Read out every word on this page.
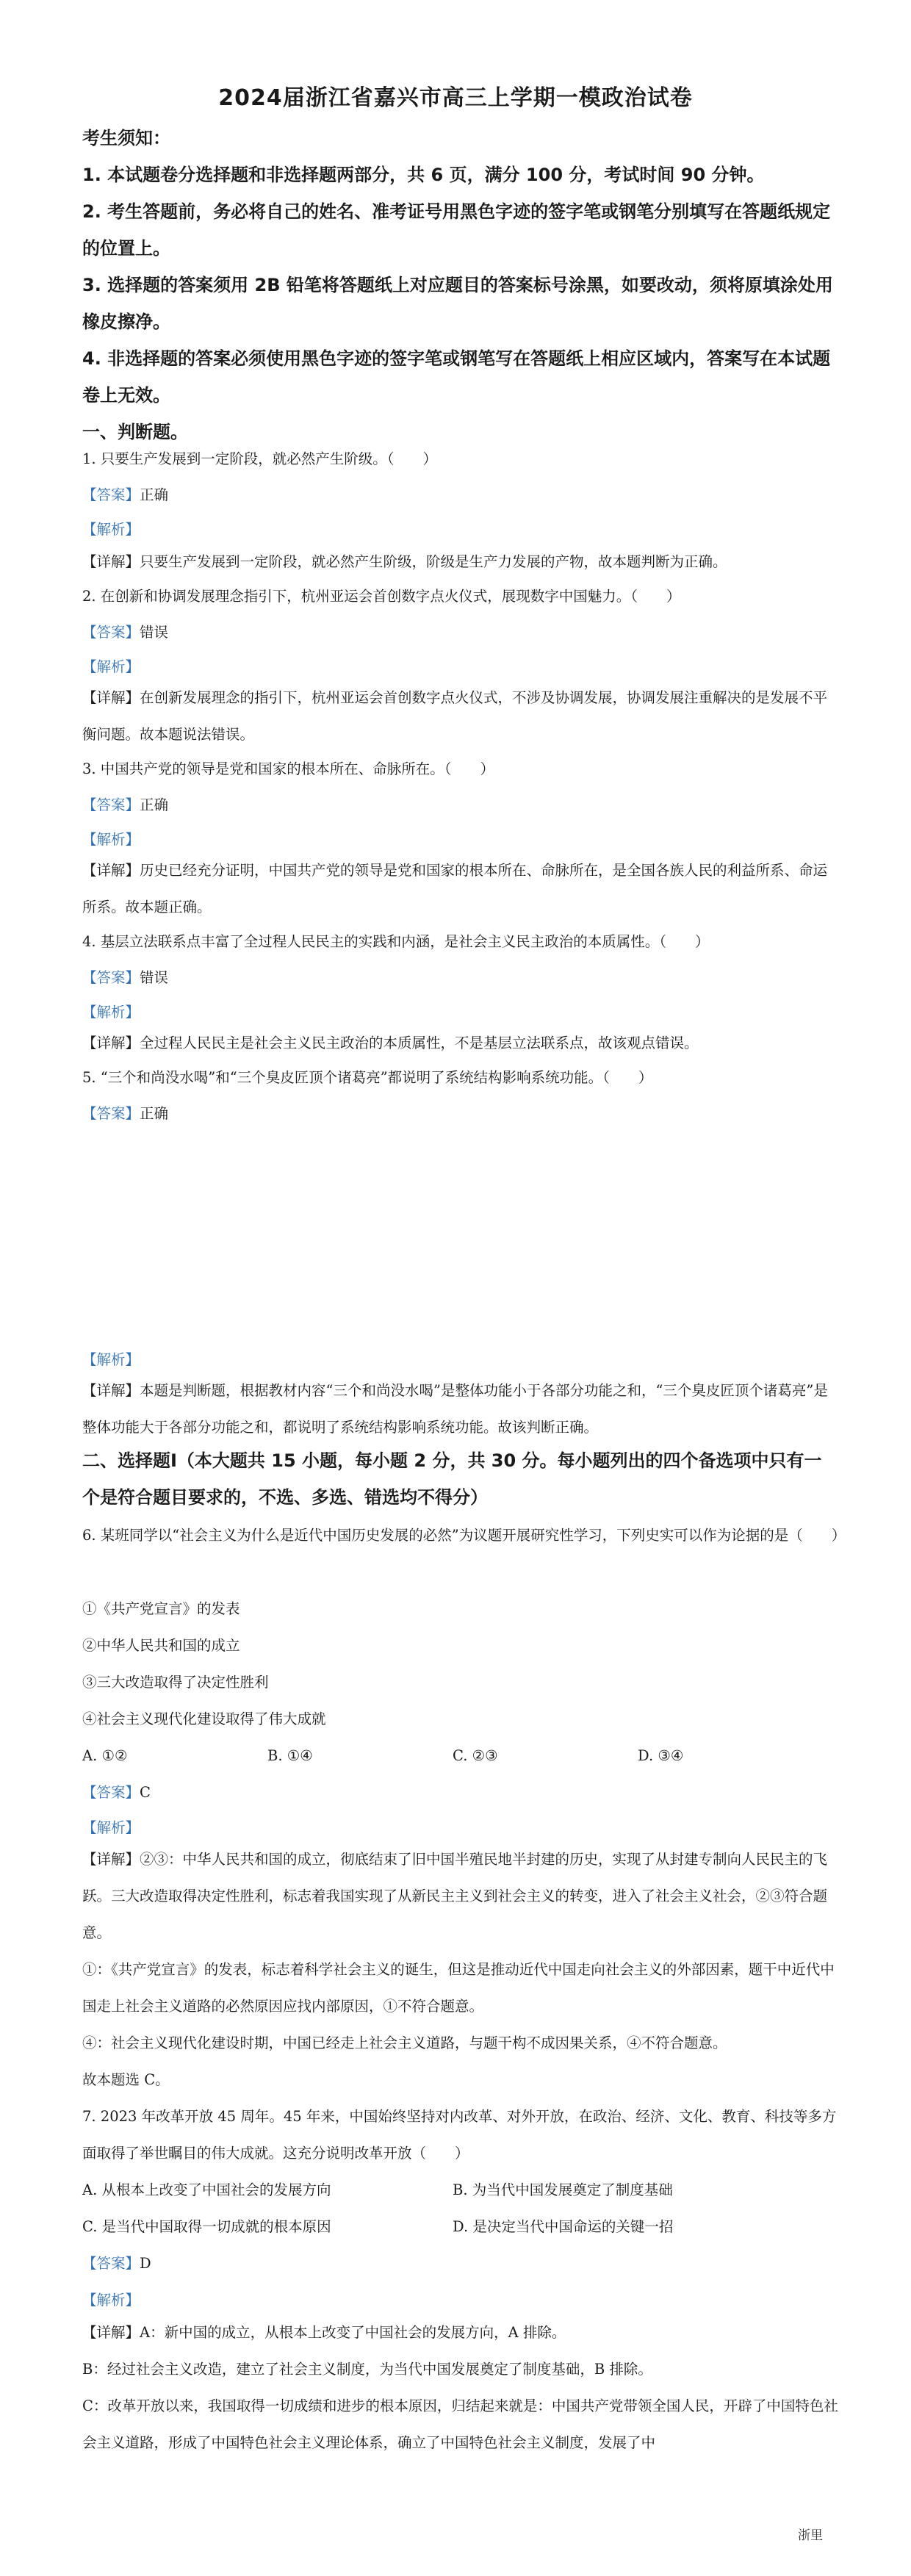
2024届浙江省嘉兴市高三上学期一模政治试卷
考生须知：
1. 本试题卷分选择题和非选择题两部分，共 6 页，满分 100 分，考试时间 90 分钟。
2. 考生答题前，务必将自己的姓名、准考证号用黑色字迹的签字笔或钢笔分别填写在答题纸规定的位置上。
3. 选择题的答案须用 2B 铅笔将答题纸上对应题目的答案标号涂黑，如要改动，须将原填涂处用橡皮擦净。
4. 非选择题的答案必须使用黑色字迹的签字笔或钢笔写在答题纸上相应区域内，答案写在本试题卷上无效。
一、判断题。
1. 只要生产发展到一定阶段，就必然产生阶级。（　　）
【答案】正确
【解析】
【详解】只要生产发展到一定阶段，就必然产生阶级，阶级是生产力发展的产物，故本题判断为正确。
2. 在创新和协调发展理念指引下，杭州亚运会首创数字点火仪式，展现数字中国魅力。（　　）
【答案】错误
【解析】
【详解】在创新发展理念的指引下，杭州亚运会首创数字点火仪式，不涉及协调发展，协调发展注重解决的是发展不平衡问题。故本题说法错误。
3. 中国共产党的领导是党和国家的根本所在、命脉所在。（　　）
【答案】正确
【解析】
【详解】历史已经充分证明，中国共产党的领导是党和国家的根本所在、命脉所在，是全国各族人民的利益所系、命运所系。故本题正确。
4. 基层立法联系点丰富了全过程人民民主的实践和内涵，是社会主义民主政治的本质属性。（　　）
【答案】错误
【解析】
【详解】全过程人民民主是社会主义民主政治的本质属性，不是基层立法联系点，故该观点错误。
5. “三个和尚没水喝”和“三个臭皮匠顶个诸葛亮”都说明了系统结构影响系统功能。（　　）
【答案】正确
【解析】
【详解】本题是判断题，根据教材内容“三个和尚没水喝”是整体功能小于各部分功能之和，“三个臭皮匠顶个诸葛亮”是整体功能大于各部分功能之和，都说明了系统结构影响系统功能。故该判断正确。
二、选择题Ⅰ（本大题共 15 小题，每小题 2 分，共 30 分。每小题列出的四个备选项中只有一个是符合题目要求的，不选、多选、错选均不得分）
6. 某班同学以“社会主义为什么是近代中国历史发展的必然”为议题开展研究性学习，下列史实可以作为论据的是（　　）
①《共产党宣言》的发表
②中华人民共和国的成立
③三大改造取得了决定性胜利
④社会主义现代化建设取得了伟大成就
A. ①②	B. ①④	C. ②③	D. ③④
【答案】C
【解析】
【详解】②③：中华人民共和国的成立，彻底结束了旧中国半殖民地半封建的历史，实现了从封建专制向人民民主的飞跃。三大改造取得决定性胜利，标志着我国实现了从新民主主义到社会主义的转变，进入了社会主义社会，②③符合题意。
①：《共产党宣言》的发表，标志着科学社会主义的诞生，但这是推动近代中国走向社会主义的外部因素，题干中近代中国走上社会主义道路的必然原因应找内部原因，①不符合题意。
④：社会主义现代化建设时期，中国已经走上社会主义道路，与题干构不成因果关系，④不符合题意。
故本题选 C。
7. 2023 年改革开放 45 周年。45 年来，中国始终坚持对内改革、对外开放，在政治、经济、文化、教育、科技等多方面取得了举世瞩目的伟大成就。这充分说明改革开放（　　）
A. 从根本上改变了中国社会的发展方向	B. 为当代中国发展奠定了制度基础
C. 是当代中国取得一切成就的根本原因	D. 是决定当代中国命运的关键一招
【答案】D
【解析】
【详解】A：新中国的成立，从根本上改变了中国社会的发展方向，A 排除。
B：经过社会主义改造，建立了社会主义制度，为当代中国发展奠定了制度基础，B 排除。
C：改革开放以来，我国取得一切成绩和进步的根本原因，归结起来就是：中国共产党带领全国人民，开辟了中国特色社会主义道路，形成了中国特色社会主义理论体系，确立了中国特色社会主义制度，发展了中
浙里
